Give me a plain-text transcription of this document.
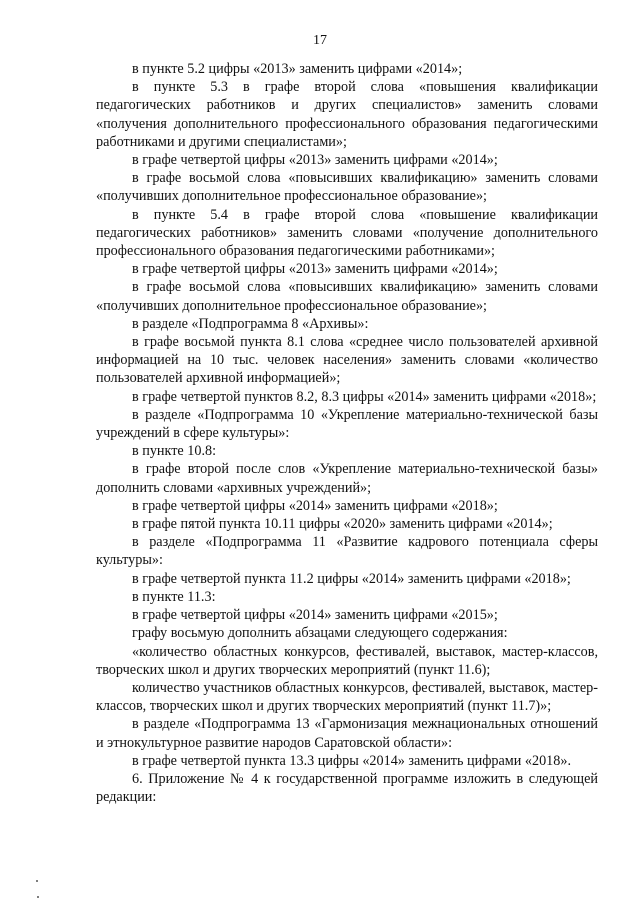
17

в пункте 5.2 цифры «2013» заменить цифрами «2014»;

в пункте 5.3 в графе второй слова «повышения квалификации педагогических работников и других специалистов» заменить словами «получения дополнительного профессионального образования педагогическими работниками и другими специалистами»;

в графе четвертой цифры «2013» заменить цифрами «2014»;

в графе восьмой слова «повысивших квалификацию» заменить словами «получивших дополнительное профессиональное образование»;

в пункте 5.4 в графе второй слова «повышение квалификации педагогических работников» заменить словами «получение дополнительного профессионального образования педагогическими работниками»;

в графе четвертой цифры «2013» заменить цифрами «2014»;

в графе восьмой слова «повысивших квалификацию» заменить словами «получивших дополнительное профессиональное образование»;

в разделе «Подпрограмма 8 «Архивы»:

в графе восьмой пункта 8.1 слова «среднее число пользователей архивной информацией на 10 тыс. человек населения» заменить словами «количество пользователей архивной информацией»;

в графе четвертой пунктов 8.2, 8.3 цифры «2014» заменить цифрами «2018»;

в разделе «Подпрограмма 10 «Укрепление материально-технической базы учреждений в сфере культуры»:

в пункте 10.8:

в графе второй после слов «Укрепление материально-технической базы» дополнить словами «архивных учреждений»;

в графе четвертой цифры «2014» заменить цифрами «2018»;

в графе пятой пункта 10.11 цифры «2020» заменить цифрами «2014»;

в разделе «Подпрограмма 11 «Развитие кадрового потенциала сферы культуры»:

в графе четвертой пункта 11.2 цифры «2014» заменить цифрами «2018»;

в пункте 11.3:

в графе четвертой цифры «2014» заменить цифрами «2015»;

графу восьмую дополнить абзацами следующего содержания:

«количество областных конкурсов, фестивалей, выставок, мастер-классов, творческих школ и других творческих мероприятий (пункт 11.6);

количество участников областных конкурсов, фестивалей, выставок, мастер-классов, творческих школ и других творческих мероприятий (пункт 11.7)»;

в разделе «Подпрограмма 13 «Гармонизация межнациональных отношений и этнокультурное развитие народов Саратовской области»:

в графе четвертой пункта 13.3 цифры «2014» заменить цифрами «2018».

6. Приложение № 4 к государственной программе изложить в следующей редакции:
